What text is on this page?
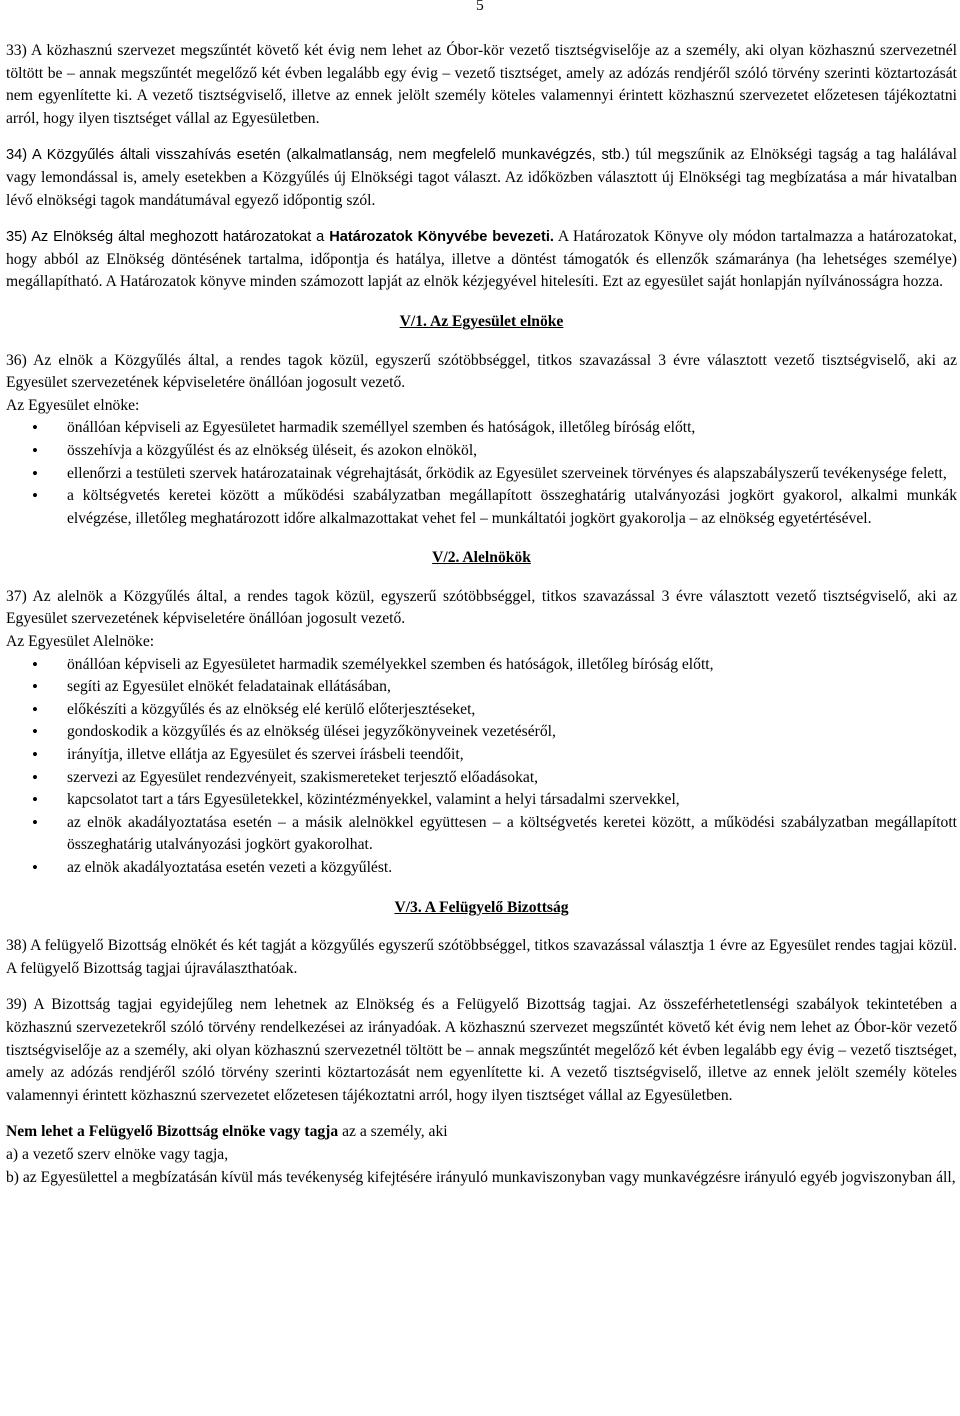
5

33) A közhasznú szervezet megszűntét követő két évig nem lehet az Óbor-kör vezető tisztségviselője az a személy, aki olyan közhasznú szervezetnél töltött be – annak megszűntét megelőző két évben legalább egy évig – vezető tisztséget, amely az adózás rendjéről szóló törvény szerinti köztartozását nem egyenlítette ki. A vezető tisztségviselő, illetve az ennek jelölt személy köteles valamennyi érintett közhasznú szervezetet előzetesen tájékoztatni arról, hogy ilyen tisztséget vállal az Egyesületben.

34) A Közgyűlés általi visszahívás esetén (alkalmatlanság, nem megfelelő munkavégzés, stb.) túl megszűnik az Elnökségi tagság a tag halálával vagy lemondással is, amely esetekben a Közgyűlés új Elnökségi tagot választ. Az időközben választott új Elnökségi tag megbízatása a már hivatalban lévő elnökségi tagok mandátumával egyező időpontig szól.

35) Az Elnökség által meghozott határozatokat a Határozatok Könyvébe bevezeti. A Határozatok Könyve oly módon tartalmazza a határozatokat, hogy abból az Elnökség döntésének tartalma, időpontja és hatálya, illetve a döntést támogatók és ellenzők számaránya (ha lehetséges személye) megállapítható. A Határozatok könyve minden számozott lapját az elnök kézjegyével hitelesíti. Ezt az egyesület saját honlapján nyílvánosságra hozza.

V/1. Az Egyesület elnöke

36) Az elnök a Közgyűlés által, a rendes tagok közül, egyszerű szótöbbséggel, titkos szavazással 3 évre választott vezető tisztségviselő, aki az Egyesület szervezetének képviseletére önállóan jogosult vezető.

Az Egyesület elnöke:

• önállóan képviseli az Egyesületet harmadik személlyel szemben és hatóságok, illetőleg bíróság előtt,
• összehívja a közgyűlést és az elnökség üléseit, és azokon elnököl,
• ellenőrzi a testületi szervek határozatainak végrehajtását, őrködik az Egyesület szerveinek törvényes és alapszabályszerű tevékenysége felett,
• a költségvetés keretei között a működési szabályzatban megállapított összeghatárig utalványozási jogkört gyakorol, alkalmi munkák elvégzése, illetőleg meghatározott időre alkalmazottakat vehet fel – munkáltatói jogkört gyakorolja – az elnökség egyetértésével.
V/2. Alelnökök

37) Az alelnök a Közgyűlés által, a rendes tagok közül, egyszerű szótöbbséggel, titkos szavazással 3 évre választott vezető tisztségviselő, aki az Egyesület szervezetének képviseletére önállóan jogosult vezető.

Az Egyesület Alelnöke:

• önállóan képviseli az Egyesületet harmadik személyekkel szemben és hatóságok, illetőleg bíróság előtt,
• segíti az Egyesület elnökét feladatainak ellátásában,
• előkészíti a közgyűlés és az elnökség elé kerülő előterjesztéseket,
• gondoskodik a közgyűlés és az elnökség ülései jegyzőkönyveinek vezetéséről,
• irányítja, illetve ellátja az Egyesület és szervei írásbeli teendőit,
• szervezi az Egyesület rendezvényeit, szakismereteket terjesztő előadásokat,
• kapcsolatot tart a társ Egyesületekkel, közintézményekkel, valamint a helyi társadalmi szervekkel,
• az elnök akadályoztatása esetén – a másik alelnökkel együttesen – a költségvetés keretei között, a működési szabályzatban megállapított összeghatárig utalványozási jogkört gyakorolhat.
• az elnök akadályoztatása esetén vezeti a közgyűlést.
V/3. A Felügyelő Bizottság

38) A felügyelő Bizottság elnökét és két tagját a közgyűlés egyszerű szótöbbséggel, titkos szavazással választja 1 évre az Egyesület rendes tagjai közül. A felügyelő Bizottság tagjai újraválaszthatóak.

39) A Bizottság tagjai egyidejűleg nem lehetnek az Elnökség és a Felügyelő Bizottság tagjai. Az összeférhetetlenségi szabályok tekintetében a közhasznú szervezetekről szóló törvény rendelkezései az irányadóak. A közhasznú szervezet megszűntét követő két évig nem lehet az Óbor-kör vezető tisztségviselője az a személy, aki olyan közhasznú szervezetnél töltött be – annak megszűntét megelőző két évben legalább egy évig – vezető tisztséget, amely az adózás rendjéről szóló törvény szerinti köztartozását nem egyenlítette ki. A vezető tisztségviselő, illetve az ennek jelölt személy köteles valamennyi érintett közhasznú szervezetet előzetesen tájékoztatni arról, hogy ilyen tisztséget vállal az Egyesületben.

Nem lehet a Felügyelő Bizottság elnöke vagy tagja az a személy, aki

a) a vezető szerv elnöke vagy tagja,

b) az Egyesülettel a megbízatásán kívül más tevékenység kifejtésére irányuló munkaviszonyban vagy munkavégzésre irányuló egyéb jogviszonyban áll,
